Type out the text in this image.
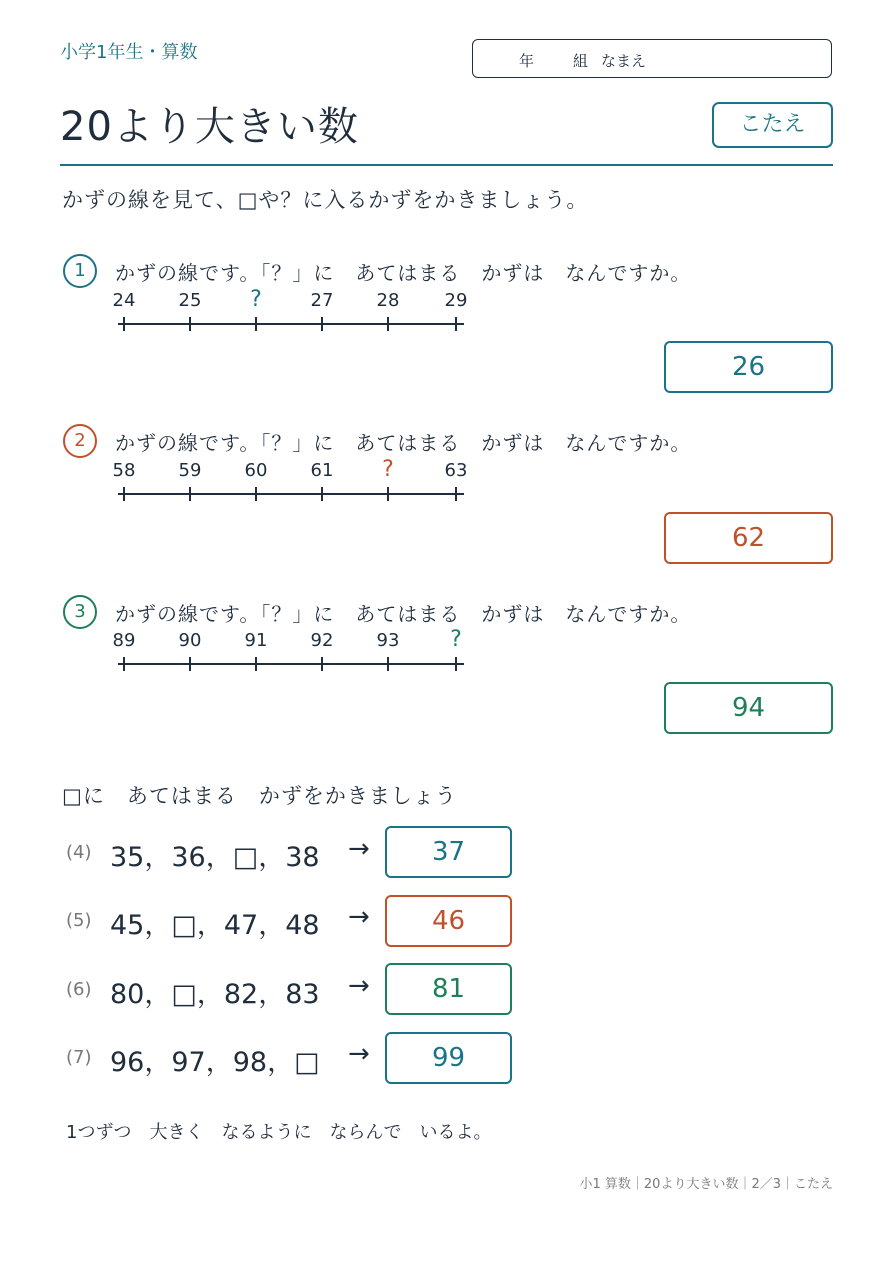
小学1年生・算数	年	組 なまえ
20より大きい数	こたえ
かずの線を見て、□や？に入るかずをかきましょう。
1	かずの線です。「？」に　あてはまる　かずは　なんですか。
24 25 ?	27 28	29
26
2	かずの線です。「？」に　あてはまる　かずは　なんですか。
58 59 60 61 ?	63
62
3	かずの線です。「？」に　あてはまる　かずは　なんですか。
89 90 91 92 93 ?
94
□に　あてはまる　かずをかきましょう
(4) 35，36，□，38 →	37
(5) 45，□，47，48 →	46
(6) 80，□，82，83 →	81
(7) 96，97，98，□ →	99
1つずつ　大きく　なるように　ならんで　いるよ。
小1 算数｜20より大きい数｜2／3｜こたえ
